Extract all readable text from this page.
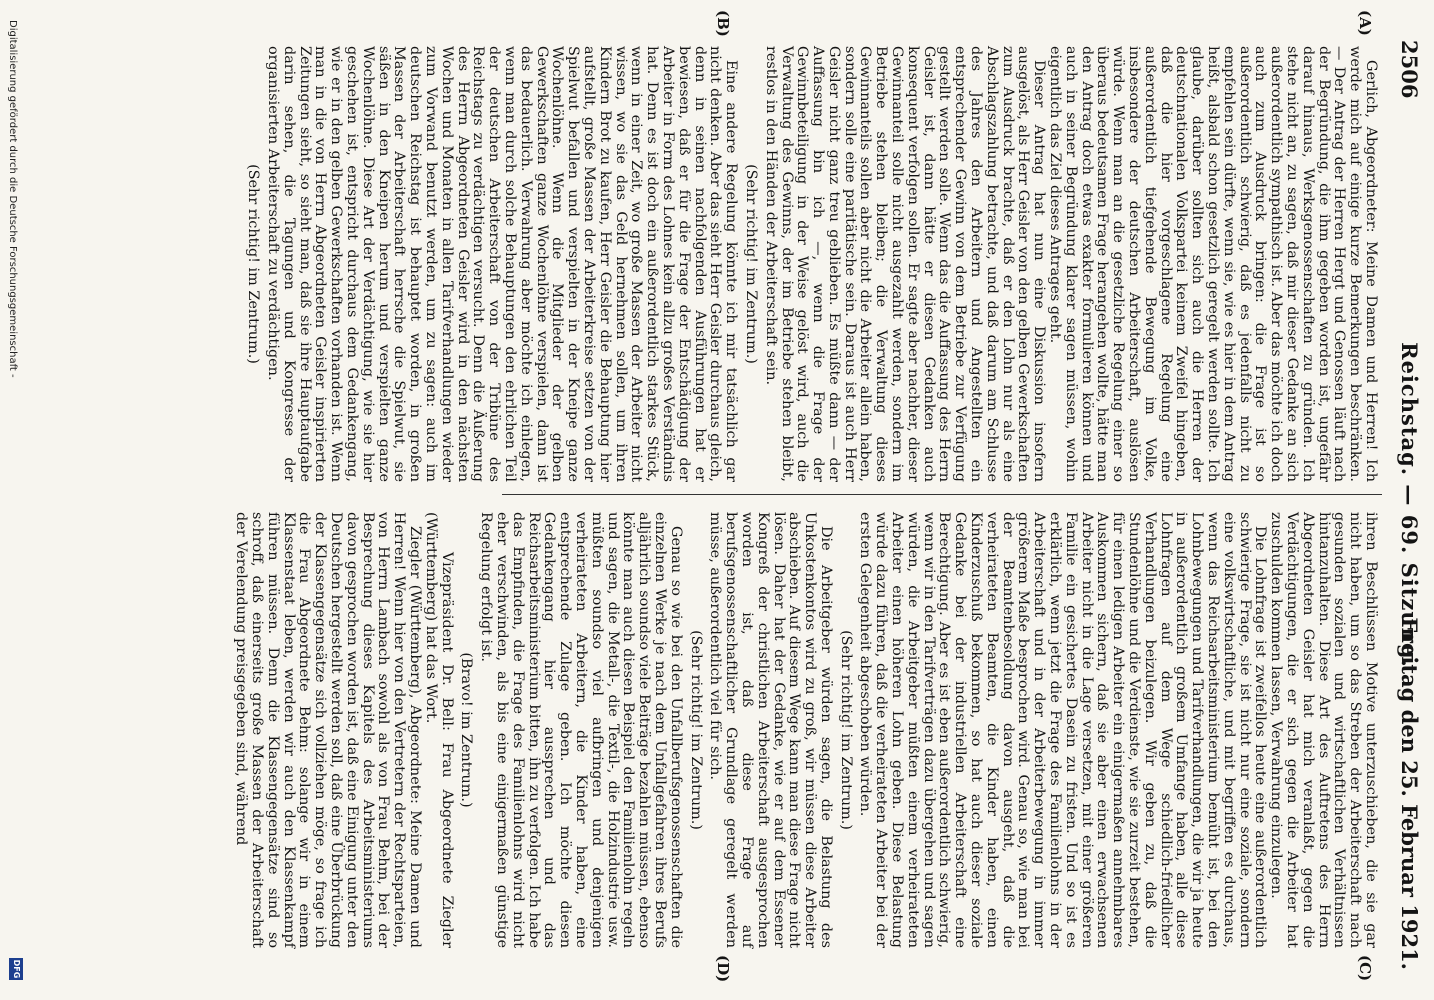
2506
Reichstag. — 69. Sitzung.
Freitag den 25. Februar 1921.
(A)
(B)
(C)
(D)

Gerlich, Abgeordneter: Meine Damen und Herren! Ich werde mich auf einige kurze Bemerkungen beschränken. — Der Antrag der Herren Hergt und Genossen läuft nach der Begründung, die ihm gegeben worden ist, ungefähr darauf hinaus, Werksgenossenschaften zu gründen. Ich stehe nicht an, zu sagen, daß mir dieser Gedanke an sich außerordentlich sympathisch ist. Aber das möchte ich doch auch zum Ausdruck bringen: die Frage ist so außerordentlich schwierig, daß es jedenfalls nicht zu empfehlen sein dürfte, wenn sie, wie es hier in dem Antrag heißt, alsbald schon gesetzlich geregelt werden sollte. Ich glaube, darüber sollten sich auch die Herren der deutschnationalen Volkspartei keinem Zweifel hingeben, daß die hier vorgeschlagene Regelung eine außerordentlich tiefgehende Bewegung im Volke, insbesondere der deutschen Arbeiterschaft, auslösen würde. Wenn man an die gesetzliche Regelung einer so überaus bedeutsamen Frage herangehen wollte, hätte man den Antrag doch etwas exakter formulieren können und auch in seiner Begründung klarer sagen müssen, wohin eigentlich das Ziel dieses Antrages geht.

Dieser Antrag hat nun eine Diskussion insofern ausgelöst, als Herr Geisler von den gelben Gewerkschaften zum Ausdruck brachte, daß er den Lohn nur als eine Abschlagszahlung betrachte, und daß darum am Schlusse des Jahres den Arbeitern und Angestellten ein entsprechender Gewinn von dem Betriebe zur Verfügung gestellt werden solle. Wenn das die Auffassung des Herrn Geisler ist, dann hätte er diesen Gedanken auch konsequent verfolgen sollen. Er sagte aber nachher, dieser Gewinnanteil solle nicht ausgezahlt werden, sondern im Betriebe stehen bleiben; die Verwaltung dieses Gewinnanteils sollen aber nicht die Arbeiter allein haben, sondern solle eine paritätische sein. Daraus ist auch Herr Geisler nicht ganz treu geblieben. Es müßte dann — der Auffassung bin ich —, wenn die Frage der Gewinnbeteiligung in der Weise gelöst wird, auch die Verwaltung des Gewinns, der im Betriebe stehen bleibt, restlos in den Händen der Arbeiterschaft sein.

(Sehr richtig! im Zentrum.)

Eine andere Regelung könnte ich mir tatsächlich gar nicht denken. Aber das sieht Herr Geisler durchaus gleich, denn in seinen nachfolgenden Ausführungen hat er bewiesen, daß er für die Frage der Entschädigung der Arbeiter in Form des Lohnes kein allzu großes Verständnis hat. Denn es ist doch ein außerordentlich starkes Stück, wenn in einer Zeit, wo große Massen der Arbeiter nicht wissen, wo sie das Geld hernehmen sollen, um ihren Kindern Brot zu kaufen, Herr Geisler die Behauptung hier aufstellt, große Massen der Arbeiterkreise setzen von der Spielwut befallen und verspielten in der Kneipe ganze Wochenlöhne. Wenn die Mitglieder der gelben Gewerkschaften ganze Wochenlöhne verspielen, dann ist das bedauerlich. Verwahrung aber möchte ich einlegen, wenn man durch solche Behauptungen den ehrlichen Teil der deutschen Arbeiterschaft von der Tribüne des Reichstags zu verdächtigen versucht. Denn die Äußerung des Herrn Abgeordneten Geisler wird in den nächsten Wochen und Monaten in allen Tarifverhandlungen wieder zum Vorwand benutzt werden, um zu sagen: auch im deutschen Reichstag ist behauptet worden, in großen Massen der Arbeiterschaft herrsche die Spielwut, sie säßen in den Kneipen herum und verspielten ganze Wochenlöhne. Diese Art der Verdächtigung, wie sie hier geschehen ist, entspricht durchaus dem Gedankengang, wie er in den gelben Gewerkschaften vorhanden ist. Wenn man in die von Herrn Abgeordneten Geisler inspirierten Zeitungen sieht, so sieht man, daß sie ihre Hauptaufgabe darin sehen, die Tagungen und Kongresse der organisierten Arbeiterschaft zu verdächtigen.

(Sehr richtig! im Zentrum.)

ihren Beschlüssen Motive unterzuschieben, die sie gar nicht haben, um so das Streben der Arbeiterschaft nach gesunden sozialen und wirtschaftlichen Verhältnissen hintanzuhalten. Diese Art des Auftretens des Herrn Abgeordneten Geisler hat mich veranlaßt, gegen die Verdächtigungen, die er sich gegen die Arbeiter hat zuschulden kommen lassen, Verwahrung einzulegen.

Die Lohnfrage ist zweifellos heute eine außerordentlich schwierige Frage, sie ist nicht nur eine soziale, sondern eine volkswirtschaftliche, und mit begriffen es durchaus, wenn das Reichsarbeitsministerium bemüht ist, bei den Lohnbewegungen und Tarifverhandlungen, die wir ja heute in außerordentlich großem Umfange haben, alle diese Lohnfragen auf dem Wege schiedlich-friedlicher Verhandlungen beizulegen. Wir geben zu, daß die Stundenlöhne und die Verdienste, wie sie zurzeit bestehen, für einen ledigen Arbeiter ein einigermaßen annehmbares Auskommen sichern, daß sie aber einen erwachsenen Arbeiter nicht in die Lage versetzen, mit einer größeren Familie ein gesichertes Dasein zu fristen. Und so ist es erklärlich, wenn jetzt die Frage des Familienlohns in der Arbeiterschaft und in der Arbeiterbewegung in immer größerem Maße besprochen wird. Genau so, wie man bei der Beamtenbesoldung davon ausgeht, daß die verheirateten Beamten, die Kinder haben, einen Kinderzuschuß bekommen, so hat auch dieser soziale Gedanke bei der industriellen Arbeiterschaft eine Berechtigung. Aber es ist eben außerordentlich schwierig, wenn wir in den Tarifverträgen dazu übergehen und sagen würden, die Arbeitgeber müßten einem verheirateten Arbeiter einen höheren Lohn geben. Diese Belastung würde dazu führen, daß die verheirateten Arbeiter bei der ersten Gelegenheit abgeschoben würden.

(Sehr richtig! im Zentrum.)

Die Arbeitgeber würden sagen, die Belastung des Unkostenkontos wird zu groß, wir müssen diese Arbeiter abschieben. Auf diesem Wege kann man diese Frage nicht lösen. Daher hat der Gedanke, wie er auf dem Essener Kongreß der christlichen Arbeiterschaft ausgesprochen worden ist, daß diese Frage auf berufsgenossenschaftlicher Grundlage geregelt werden müsse, außerordentlich viel für sich.

(Sehr richtig! im Zentrum.)

Genau so wie bei den Unfallberufsgenossenschaften die einzelnen Werke je nach dem Unfallgefahren ihres Berufs alljährlich soundso viele Beiträge bezahlen müssen, ebenso könnte man auch diesen Beispiel den Familienlohn regeln und sagen, die Metall-, die Textil-, die Holzindustrie usw. müßten soundso viel aufbringen und denjenigen verheirateten Arbeitern, die Kinder haben, eine entsprechende Zulage geben. Ich möchte diesen Gedankengang hier aussprechen und das Reichsarbeitsministerium bitten, ihn zu verfolgen. Ich habe das Empfinden, die Frage des Familienlohns wird nicht eher verschwinden, als bis eine einigermaßen günstige Regelung erfolgt ist.

(Bravo! im Zentrum.)

Vizepräsident Dr. Bell: Frau Abgeordnete Ziegler (Württemberg) hat das Wort.

Ziegler (Württemberg), Abgeordnete: Meine Damen und Herren! Wenn hier von den Vertretern der Rechtsparteien, von Herrn Lambach sowohl als von Frau Behm, bei der Besprechung dieses Kapitels des Arbeitsministeriums davon gesprochen worden ist, daß eine Einigung unter den Deutschen hergestellt werden soll, daß eine Überbrückung der Klassengegensätze sich vollziehen möge, so frage ich die Frau Abgeordnete Behm: solange wir in einem Klassenstaat leben, werden wir auch den Klassenkampf führen müssen. Denn die Klassengegensätze sind so schroff, daß einerseits große Massen der Arbeiterschaft der Verelendung preisgegeben sind, während

Digitalisierung gefördert durch die Deutsche Forschungsgemeinschaft -
DFG
